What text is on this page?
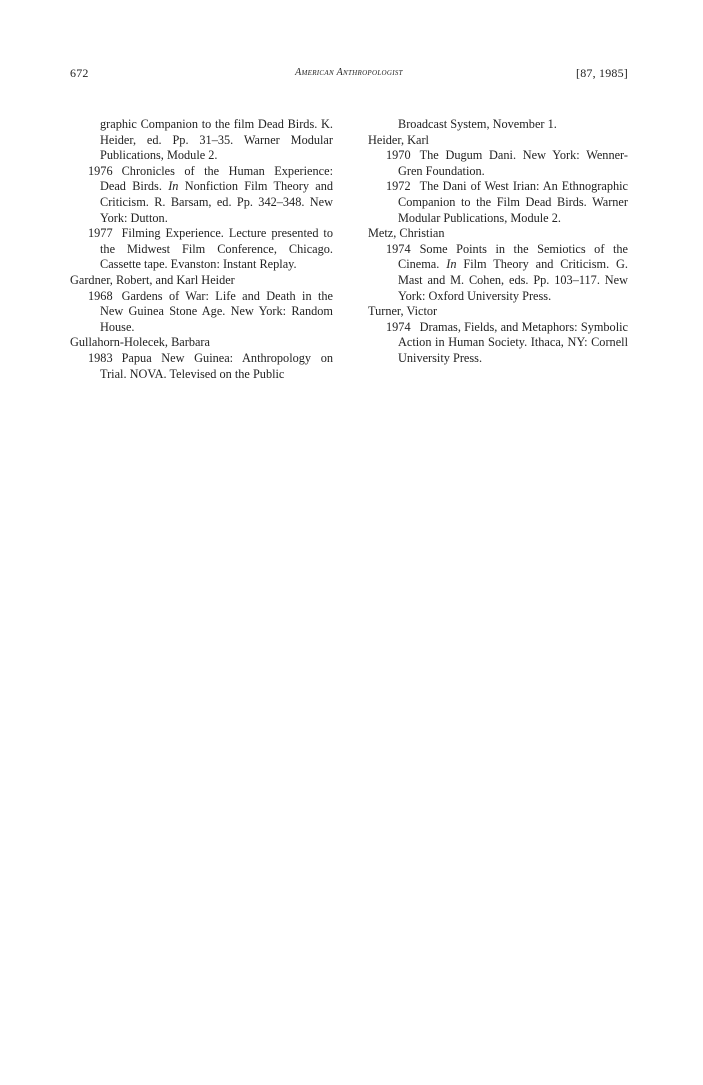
672	American Anthropologist	[87, 1985]

graphic Companion to the film Dead Birds. K. Heider, ed. Pp. 31–35. Warner Modular Publications, Module 2.

1976 Chronicles of the Human Experience: Dead Birds. In Nonfiction Film Theory and Criticism. R. Barsam, ed. Pp. 342–348. New York: Dutton.

1977 Filming Experience. Lecture presented to the Midwest Film Conference, Chicago. Cassette tape. Evanston: Instant Replay.

Gardner, Robert, and Karl Heider

1968 Gardens of War: Life and Death in the New Guinea Stone Age. New York: Random House.

Gullahorn-Holecek, Barbara

1983 Papua New Guinea: Anthropology on Trial. NOVA. Televised on the Public

Broadcast System, November 1.

Heider, Karl

1970 The Dugum Dani. New York: Wenner-Gren Foundation.

1972 The Dani of West Irian: An Ethnographic Companion to the Film Dead Birds. Warner Modular Publications, Module 2.

Metz, Christian

1974 Some Points in the Semiotics of the Cinema. In Film Theory and Criticism. G. Mast and M. Cohen, eds. Pp. 103–117. New York: Oxford University Press.

Turner, Victor

1974 Dramas, Fields, and Metaphors: Symbolic Action in Human Society. Ithaca, NY: Cornell University Press.
